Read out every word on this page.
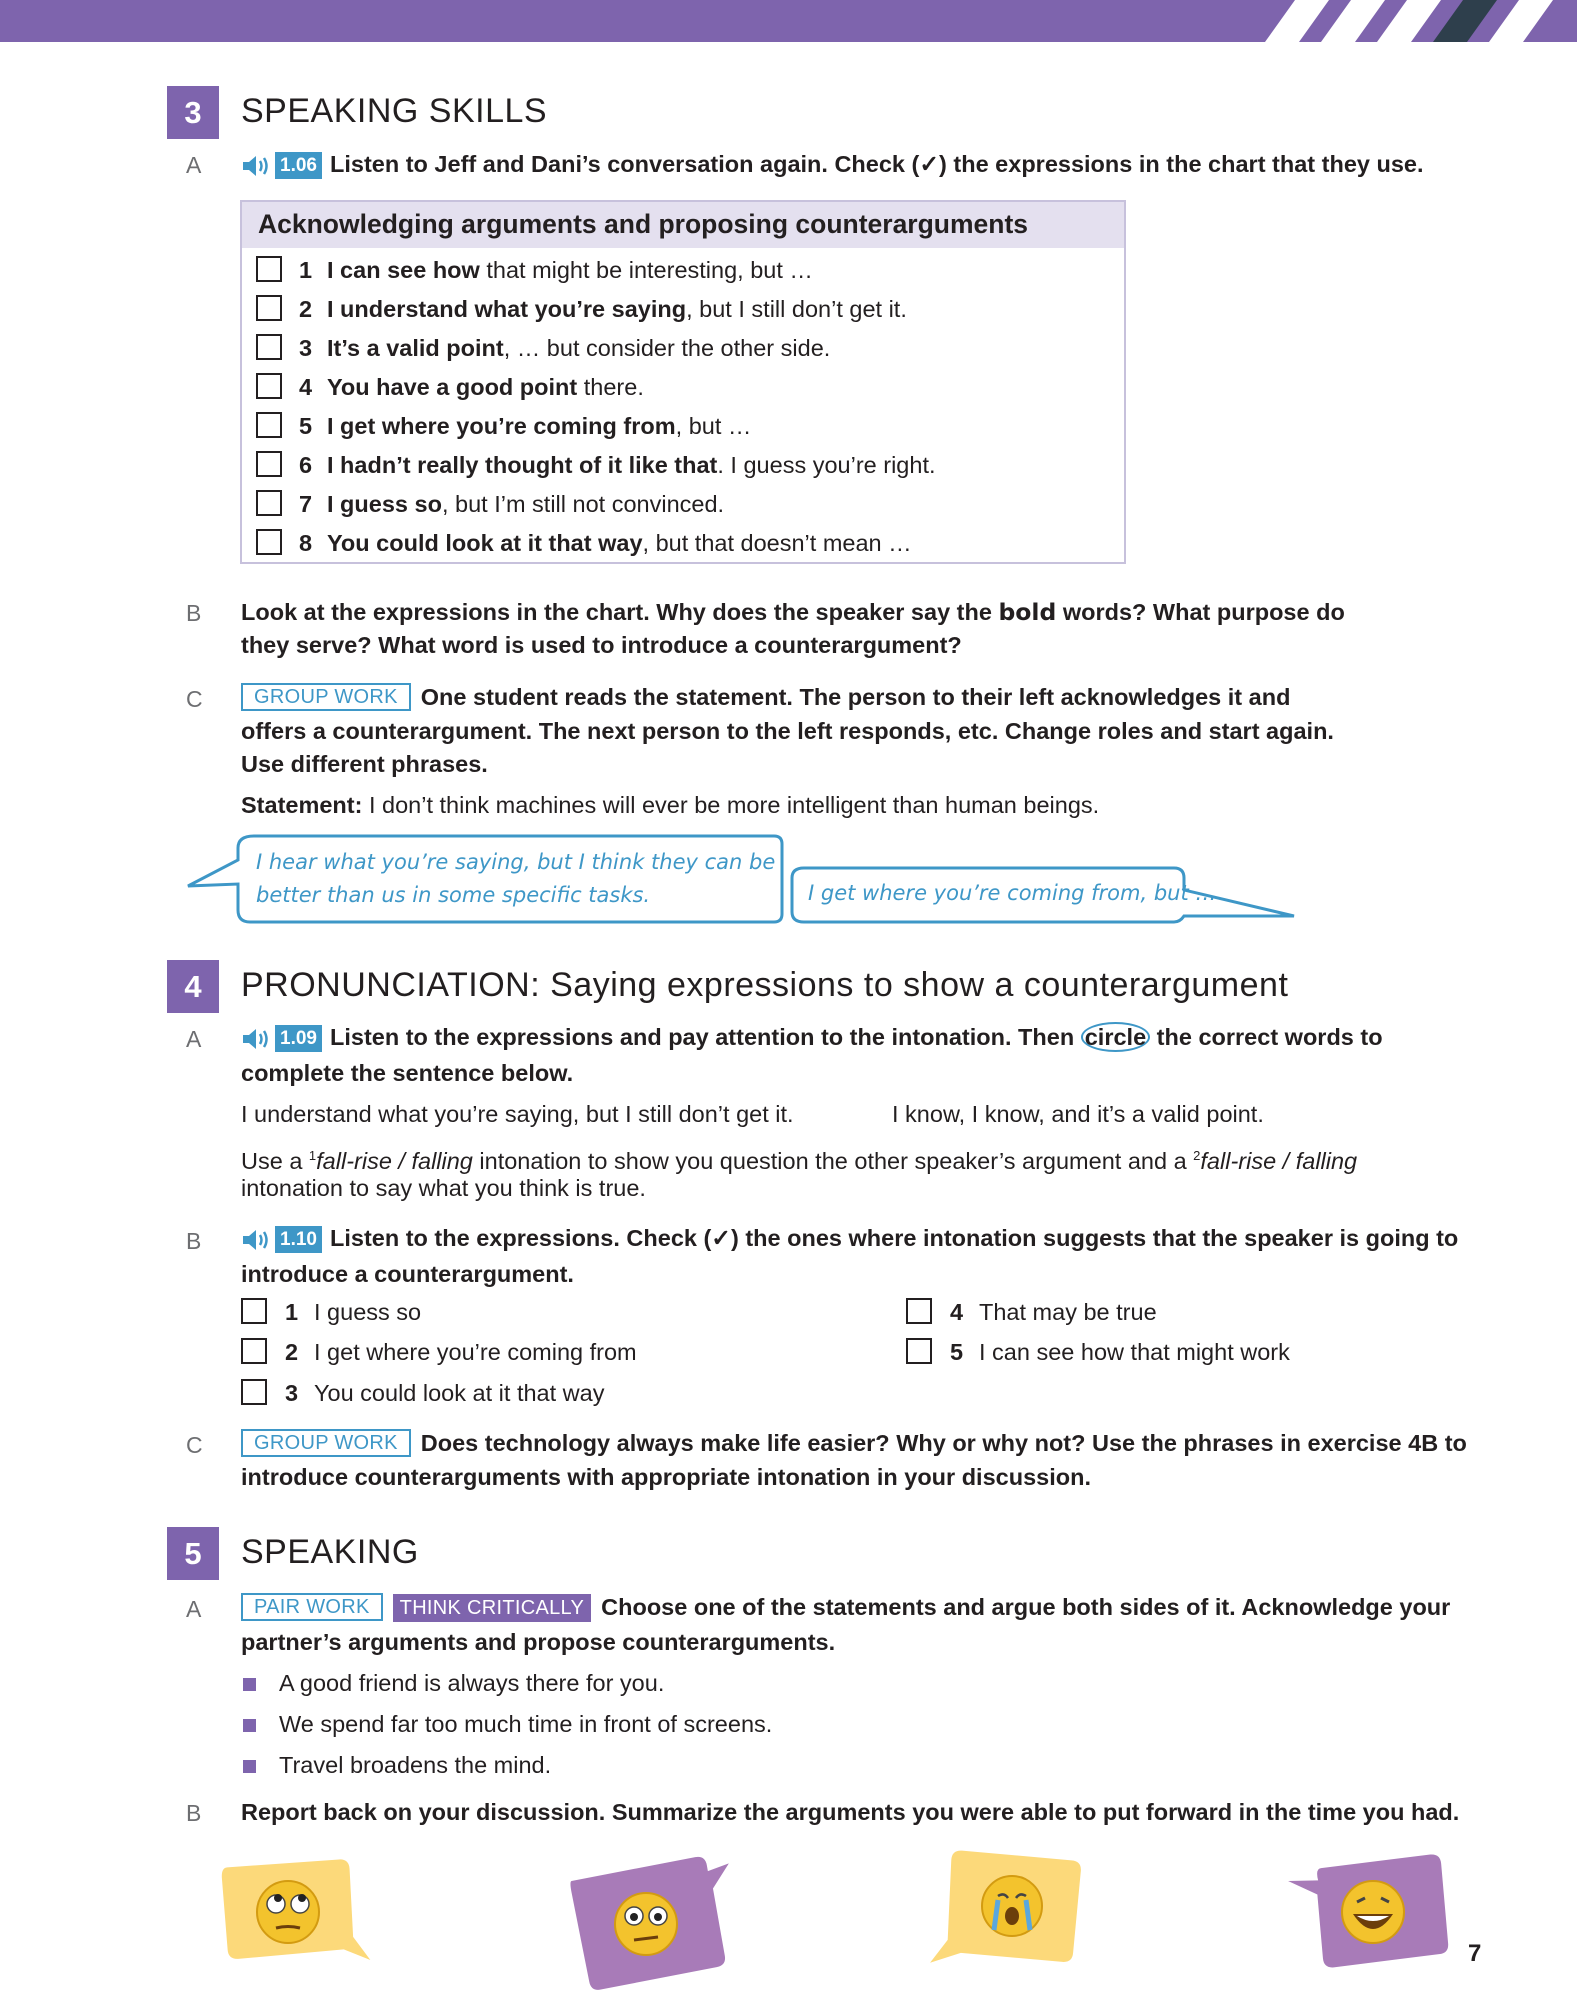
3	SPEAKING SKILLS
A	1.06 Listen to Jeff and Dani’s conversation again. Check (✓) the expressions in the chart that they use.
Acknowledging arguments and proposing counterarguments
1 I can see how that might be interesting, but …
2 I understand what you’re saying, but I still don’t get it.
3 It’s a valid point, … but consider the other side.
4 You have a good point there.
5 I get where you’re coming from, but …
6 I hadn’t really thought of it like that. I guess you’re right.
7 I guess so, but I’m still not convinced.
8 You could look at it that way, but that doesn’t mean …
B Look at the expressions in the chart. Why does the speaker say the bold words? What purpose do
they serve? What word is used to introduce a counterargument?
C	GROUP WORK One student reads the statement. The person to their left acknowledges it and
offers a counterargument. The next person to the left responds, etc. Change roles and start again.
Use different phrases.
Statement: I don’t think machines will ever be more intelligent than human beings.
I hear what you’re saying, but I think they can be
better than us in some specific tasks.	I get where you’re coming from, but …
4	PRONUNCIATION: Saying expressions to show a counterargument
A	1.09 Listen to the expressions and pay attention to the intonation. Then circle the correct words to
complete the sentence below.
I understand what you’re saying, but I still don’t get it.	I know, I know, and it’s a valid point.
Use a $^1$fall-rise / falling intonation to show you question the other speaker’s argument and a $^2$fall-rise / falling
intonation to say what you think is true.
B	1.10 Listen to the expressions. Check (✓) the ones where intonation suggests that the speaker is going to
introduce a counterargument.
1 I guess so
2 I get where you’re coming from
3 You could look at it that way
4 That may be true
5 I can see how that might work
C	GROUP WORK Does technology always make life easier? Why or why not? Use the phrases in exercise 4B to
introduce counterarguments with appropriate intonation in your discussion.
5	SPEAKING
A	PAIR WORK THINK CRITICALLY Choose one of the statements and argue both sides of it. Acknowledge your
partner’s arguments and propose counterarguments.
A good friend is always there for you.
We spend far too much time in front of screens.
Travel broadens the mind.
B Report back on your discussion. Summarize the arguments you were able to put forward in the time you had.
7
